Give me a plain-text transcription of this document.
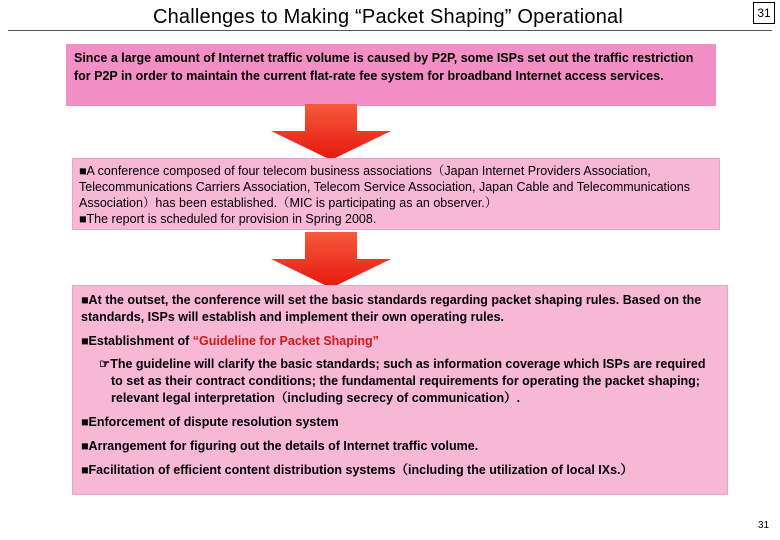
Challenges to Making “Packet Shaping” Operational	31

Since a large amount of Internet traffic volume is caused by P2P, some ISPs set out the traffic restriction for P2P in order to maintain the current flat-rate fee system for broadband Internet access services.

■A conference composed of four telecom business associations（Japan Internet Providers Association, Telecommunications Carriers Association, Telecom Service Association, Japan Cable and Telecommunications Association）has been established.（MIC is participating as an observer.）

■The report is scheduled for provision in Spring 2008.

■At the outset, the conference will set the basic standards regarding packet shaping rules. Based on the standards, ISPs will establish and implement their own operating rules.

■Establishment of “Guideline for Packet Shaping”

☞The guideline will clarify the basic standards; such as information coverage which ISPs are required to set as their contract conditions; the fundamental requirements for operating the packet shaping; relevant legal interpretation（including secrecy of communication）.

■Enforcement of dispute resolution system

■Arrangement for figuring out the details of Internet traffic volume.

■Facilitation of efficient content distribution systems（including the utilization of local IXs.）

31
